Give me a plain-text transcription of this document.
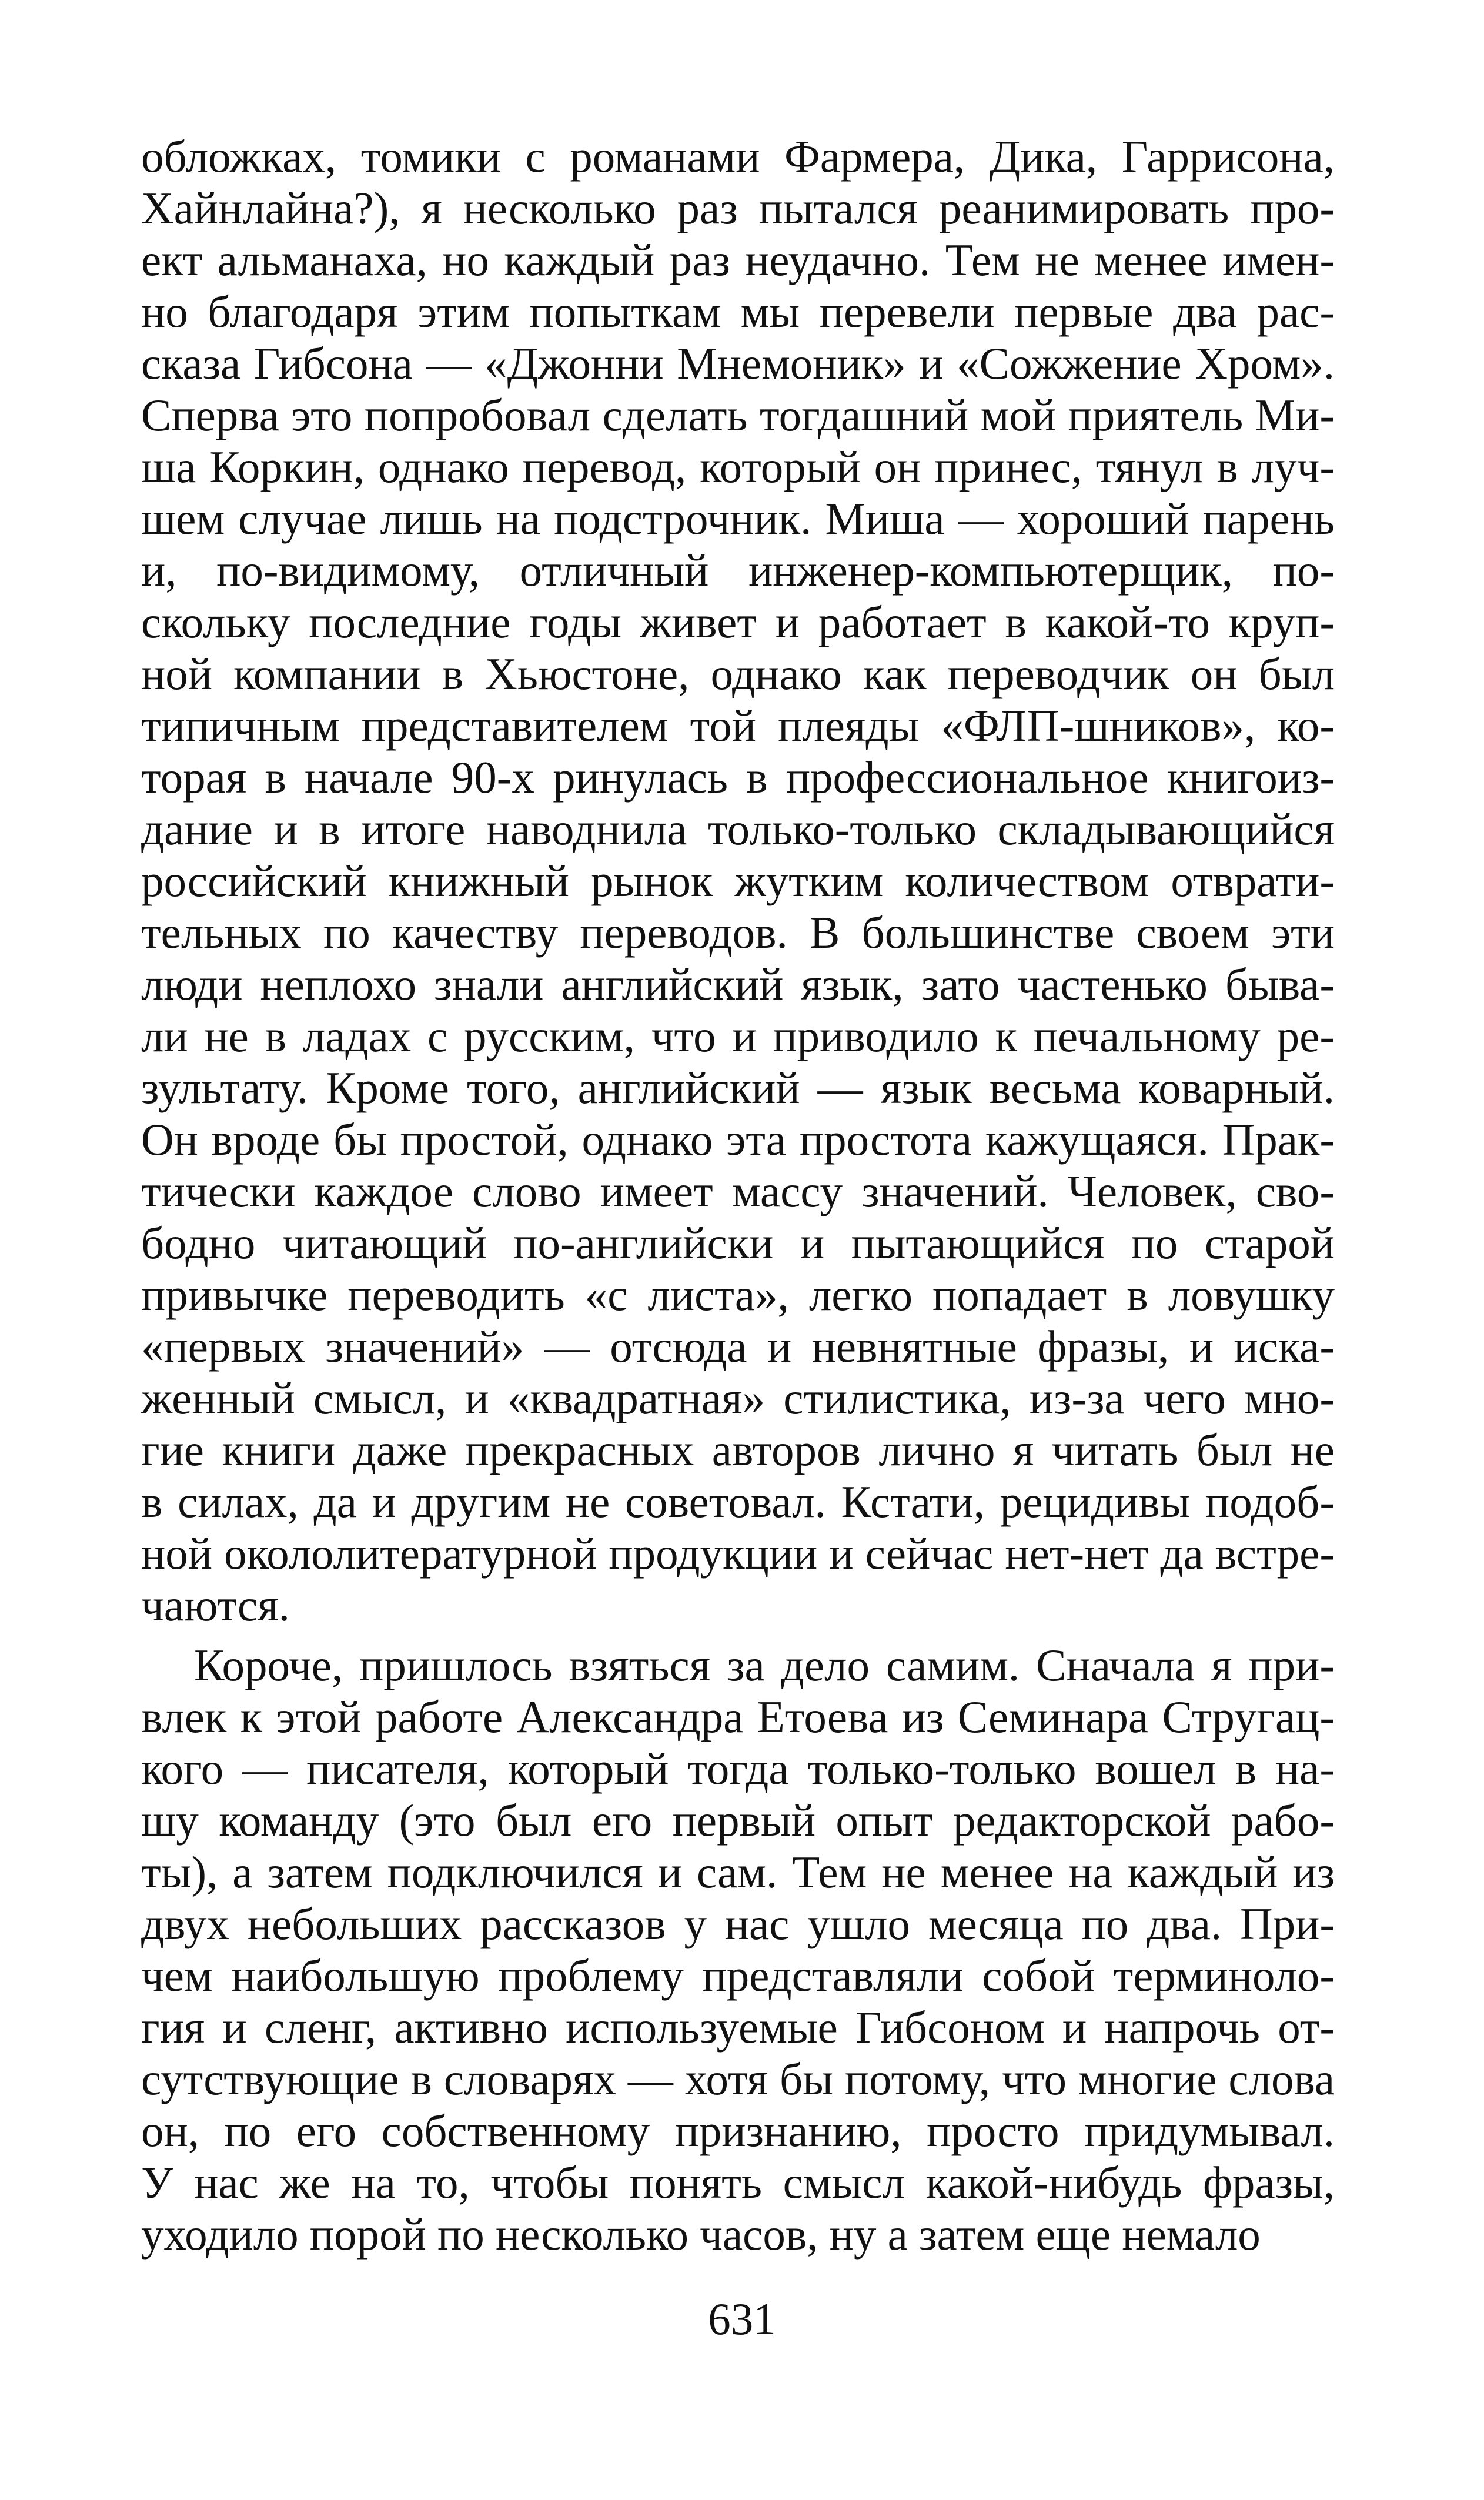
обложках, томики с романами Фармера, Дика, Гаррисона,
Хайнлайна?), я несколько раз пытался реанимировать про-
ект альманаха, но каждый раз неудачно. Тем не менее имен-
но благодаря этим попыткам мы перевели первые два рас-
сказа Гибсона — «Джонни Мнемоник» и «Сожжение Хром».
Сперва это попробовал сделать тогдашний мой приятель Ми-
ша Коркин, однако перевод, который он принес, тянул в луч-
шем случае лишь на подстрочник. Миша — хороший парень
и, по-видимому, отличный инженер-компьютерщик, по-
скольку последние годы живет и работает в какой-то круп-
ной компании в Хьюстоне, однако как переводчик он был
типичным представителем той плеяды «ФЛП-шников», ко-
торая в начале 90-х ринулась в профессиональное книгоиз-
дание и в итоге наводнила только-только складывающийся
российский книжный рынок жутким количеством отврати-
тельных по качеству переводов. В большинстве своем эти
люди неплохо знали английский язык, зато частенько быва-
ли не в ладах с русским, что и приводило к печальному ре-
зультату. Кроме того, английский — язык весьма коварный.
Он вроде бы простой, однако эта простота кажущаяся. Прак-
тически каждое слово имеет массу значений. Человек, сво-
бодно читающий по-английски и пытающийся по старой
привычке переводить «с листа», легко попадает в ловушку
«первых значений» — отсюда и невнятные фразы, и иска-
женный смысл, и «квадратная» стилистика, из-за чего мно-
гие книги даже прекрасных авторов лично я читать был не
в силах, да и другим не советовал. Кстати, рецидивы подоб-
ной окололитературной продукции и сейчас нет-нет да встре-
чаются.
Короче, пришлось взяться за дело самим. Сначала я при-
влек к этой работе Александра Етоева из Семинара Стругац-
кого — писателя, который тогда только-только вошел в на-
шу команду (это был его первый опыт редакторской рабо-
ты), а затем подключился и сам. Тем не менее на каждый из
двух небольших рассказов у нас ушло месяца по два. При-
чем наибольшую проблему представляли собой терминоло-
гия и сленг, активно используемые Гибсоном и напрочь от-
сутствующие в словарях — хотя бы потому, что многие слова
он, по его собственному признанию, просто придумывал.
У нас же на то, чтобы понять смысл какой-нибудь фразы,
уходило порой по несколько часов, ну а затем еще немало
631
